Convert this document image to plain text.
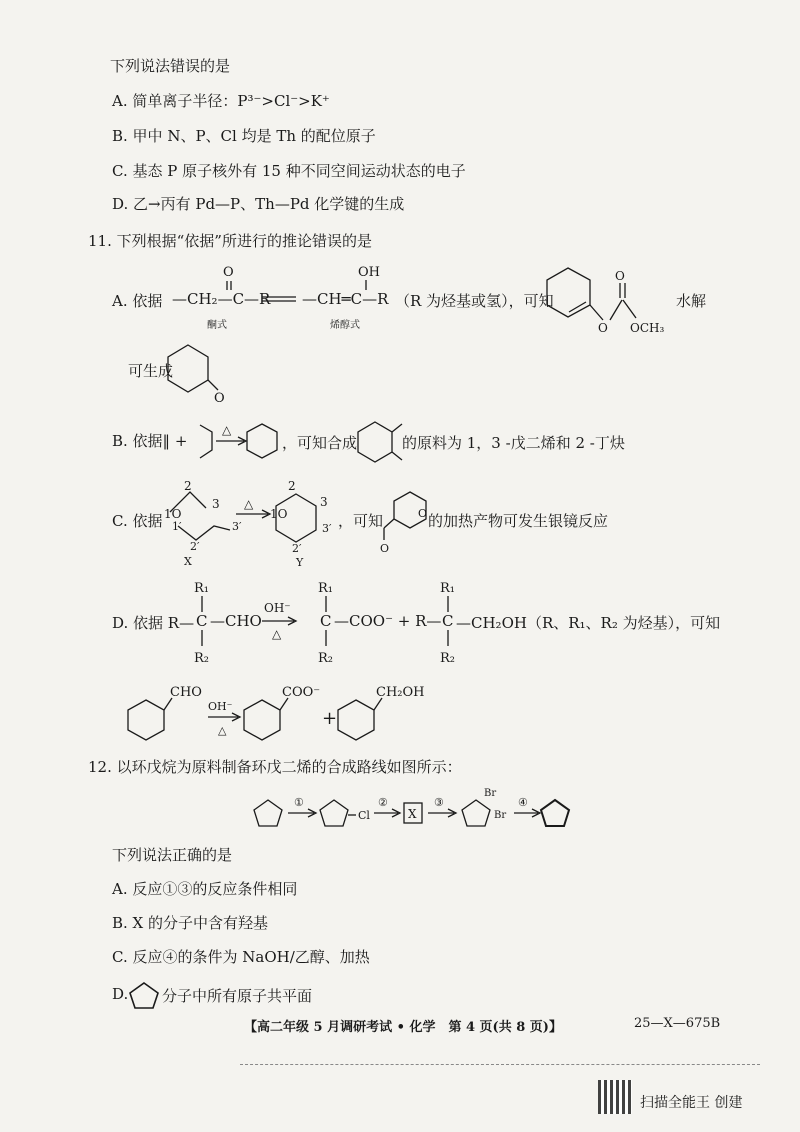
下列说法错误的是
A. 简单离子半径：P³⁻>Cl⁻>K⁺
B. 甲中 N、P、Cl 均是 Th 的配位原子
C. 基态 P 原子核外有 15 种不同空间运动状态的电子
D. 乙→丙有 Pd—P、Th—Pd 化学键的生成
11. 下列根据“依据”所进行的推论错误的是
A. 依据 —CH₂—C—R
酮式
—CH═C—R
烯醇式
（R 为烃基或氢），可知	水解
O	OH
O
O
OCH₃
O
可生成
B. 依据‖ +
△
，可知合成	的原料为 1，3 -戊二烯和 2 -丁炔
C. 依据
2
3
1O
1′	3′
2′
X
△
2
3
1O
3′
2′
Y
O
O
，可知	的加热产物可发生银镜反应
D. 依据 R—
R₁
C
R₂
OH⁻
△
R₁
C
R₂
R₁
C
R₂
CHO
OH⁻
△
COO⁻
+
CH₂OH
—CHO	—COO⁻ + R— —CH₂OH（R、R₁、R₂ 为烃基），可知
12. 以环戊烷为原料制备环戊二烯的合成路线如图所示：
①
Cl
②
X
③
Br
Br
④
下列说法正确的是
A. 反应①③的反应条件相同
B. X 的分子中含有羟基
C. 反应④的条件为 NaOH/乙醇、加热
D. 分子中所有原子共平面
【高二年级 5 月调研考试 • 化学　第 4 页(共 8 页)】	25—X—675B
扫描全能王 创建
